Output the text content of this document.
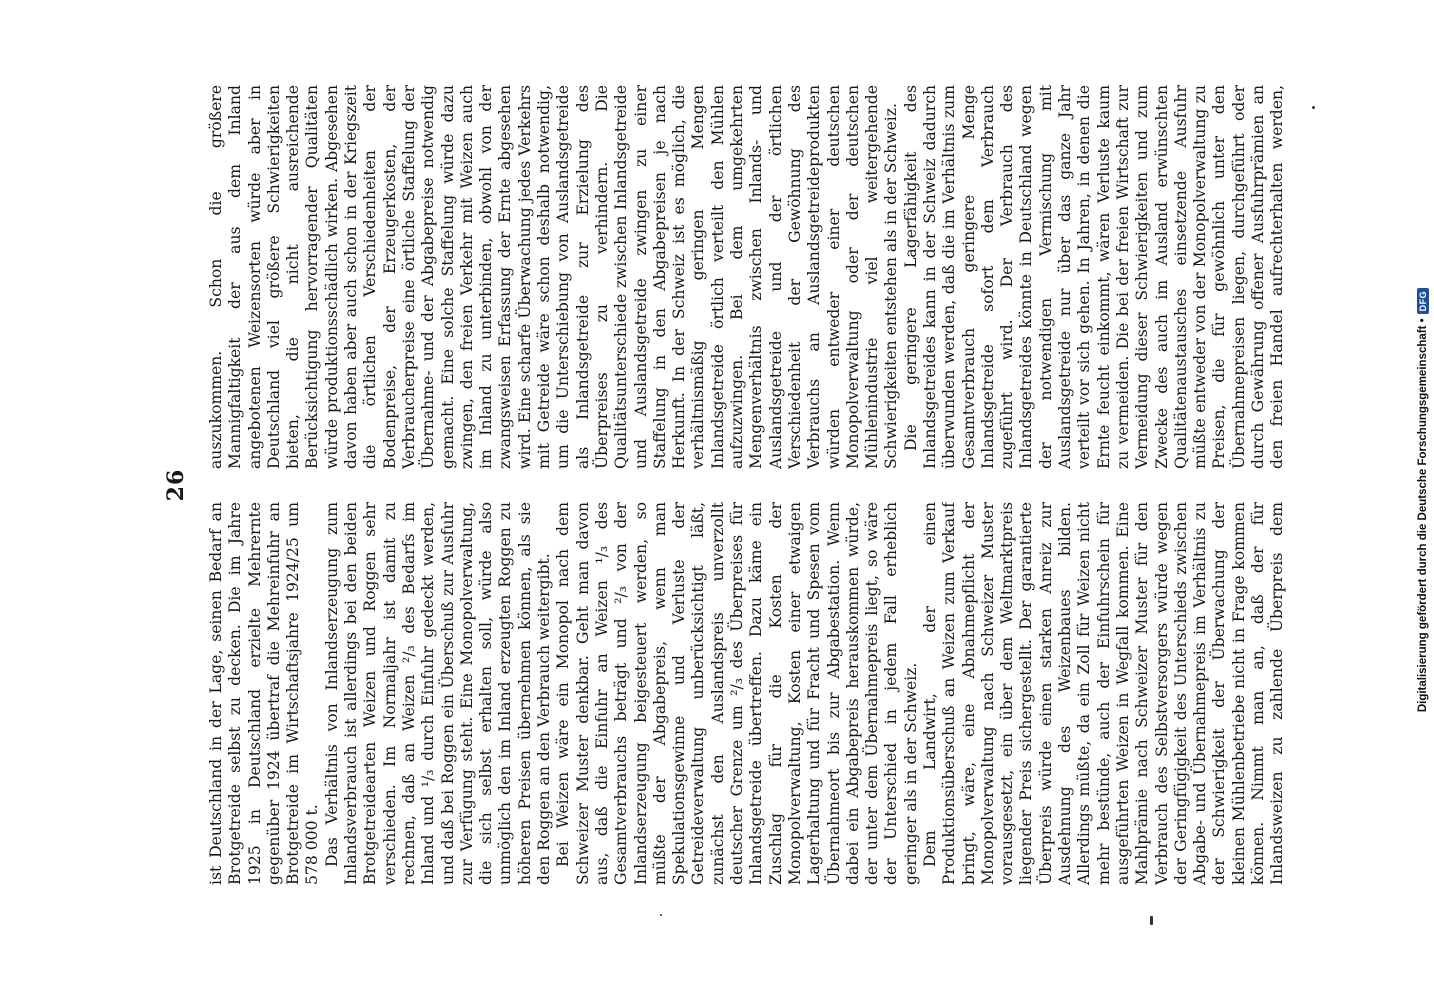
26

ist Deutschland in der Lage, seinen Bedarf an Brotgetreide selbst zu decken. Die im Jahre 1925 in Deutschland erzielte Mehrernte gegenüber 1924 übertraf die Mehreinfuhr an Brotgetreide im Wirtschaftsjahre 1924/25 um 578 000 t. Das Verhältnis von Inlandserzeugung zum Inlandsverbrauch ist allerdings bei den beiden Brotgetreidearten Weizen und Roggen sehr verschieden. Im Normaljahr ist damit zu rechnen, daß an Weizen ²/₃ des Bedarfs im Inland und ¹/₃ durch Einfuhr gedeckt werden, und daß bei Roggen ein Überschuß zur Ausfuhr zur Verfügung steht. Eine Monopolverwaltung, die sich selbst erhalten soll, würde also unmöglich den im Inland erzeugten Roggen zu höheren Preisen übernehmen können, als sie den Roggen an den Verbrauch weitergibt. Bei Weizen wäre ein Monopol nach dem Schweizer Muster denkbar. Geht man davon aus, daß die Einfuhr an Weizen ¹/₃ des Gesamtverbrauchs beträgt und ²/₃ von der Inlandserzeugung beigesteuert werden, so müßte der Abgabepreis, wenn man Spekulationsgewinne und Verluste der Getreideverwaltung unberücksichtigt läßt, zunächst den Auslandspreis unverzollt deutscher Grenze um ²/₃ des Überpreises für Inlandsgetreide übertreffen. Dazu käme ein Zuschlag für die Kosten der Monopolverwaltung, Kosten einer etwaigen Lagerhaltung und für Fracht und Spesen vom Übernahmeort bis zur Abgabestation. Wenn dabei ein Abgabepreis herauskommen würde, der unter dem Übernahmepreis liegt, so wäre der Unterschied in jedem Fall erheblich geringer als in der Schweiz. Dem Landwirt, der einen Produktionsüberschuß an Weizen zum Verkauf bringt, wäre, eine Abnahmepflicht der Monopolverwaltung nach Schweizer Muster vorausgesetzt, ein über dem Weltmarktpreis liegender Preis sichergestellt. Der garantierte Überpreis würde einen starken Anreiz zur Ausdehnung des Weizenbaues bilden. Allerdings müßte, da ein Zoll für Weizen nicht mehr bestünde, auch der Einfuhrschein für ausgeführten Weizen in Wegfall kommen. Eine Mahlprämie nach Schweizer Muster für den Verbrauch des Selbstversorgers würde wegen der Geringfügigkeit des Unterschieds zwischen Abgabe- und Übernahmepreis im Verhältnis zu der Schwierigkeit der Überwachung der kleinen Mühlenbetriebe nicht in Frage kommen können. Nimmt man an, daß der für Inlandsweizen zu zahlende Überpreis dem

auszukommen. Schon die größere Mannigfaltigkeit der aus dem Inland angebotenen Weizensorten würde aber in Deutschland viel größere Schwierigkeiten bieten, die nicht ausreichende Berücksichtigung hervorragender Qualitäten würde produktionsschädlich wirken. Abgesehen davon haben aber auch schon in der Kriegszeit die örtlichen Verschiedenheiten der Bodenpreise, der Erzeugerkosten, der Verbraucherpreise eine örtliche Staffelung der Übernahme- und der Abgabepreise notwendig gemacht. Eine solche Staffelung würde dazu zwingen, den freien Verkehr mit Weizen auch im Inland zu unterbinden, obwohl von der zwangsweisen Erfassung der Ernte abgesehen wird. Eine scharfe Überwachung jedes Verkehrs mit Getreide wäre schon deshalb notwendig, um die Unterschiebung von Auslandsgetreide als Inlandsgetreide zur Erzielung des Überpreises zu verhindern. Die Qualitätsunterschiede zwischen Inlandsgetreide und Auslandsgetreide zwingen zu einer Staffelung in den Abgabepreisen je nach Herkunft. In der Schweiz ist es möglich, die verhältnismäßig geringen Mengen Inlandsgetreide örtlich verteilt den Mühlen aufzuzwingen. Bei dem umgekehrten Mengenverhältnis zwischen Inlands- und Auslandsgetreide und der örtlichen Verschiedenheit der Gewöhnung des Verbrauchs an Auslandsgetreideprodukten würden entweder einer deutschen Monopolverwaltung oder der deutschen Mühlenindustrie viel weitergehende Schwierigkeiten entstehen als in der Schweiz. Die geringere Lagerfähigkeit des Inlandsgetreides kann in der Schweiz dadurch überwunden werden, daß die im Verhältnis zum Gesamtverbrauch geringere Menge Inlandsgetreide sofort dem Verbrauch zugeführt wird. Der Verbrauch des Inlandsgetreides könnte in Deutschland wegen der notwendigen Vermischung mit Auslandsgetreide nur über das ganze Jahr verteilt vor sich gehen. In Jahren, in denen die Ernte feucht einkommt, wären Verluste kaum zu vermeiden. Die bei der freien Wirtschaft zur Vermeidung dieser Schwierigkeiten und zum Zwecke des auch im Ausland erwünschten Qualitätenaustausches einsetzende Ausfuhr müßte entweder von der Monopolverwaltung zu Preisen, die für gewöhnlich unter den Übernahmepreisen liegen, durchgeführt oder durch Gewährung offener Ausfuhrprämien an den freien Handel aufrechterhalten werden,

Digitalisierung gefördert durch die Deutsche Forschungsgemeinschaft •
DFG
